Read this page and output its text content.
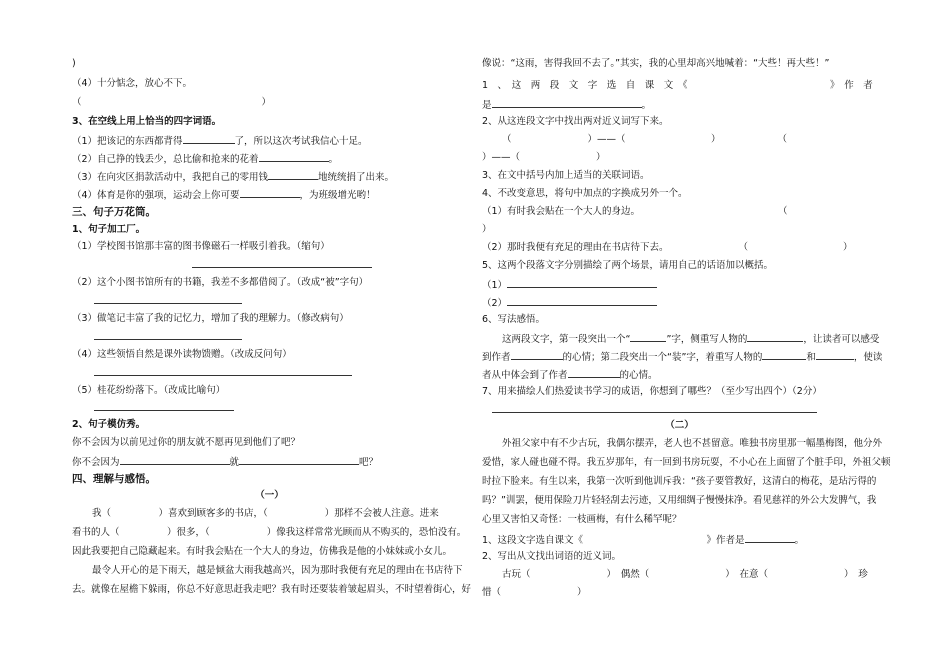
)
（4）十分惦念，放心不下。
（	）
3、在空线上用上恰当的四字词语。
（1）把该记的东西都背得	了，所以这次考试我信心十足。
（2）自己挣的钱丢少，总比偷和抢来的花着	。
（3）在向灾区捐款活动中，我把自己的零用钱	地统统捐了出来。
（4）体育是你的强项，运动会上你可要	，为班级增光哟！
三、句子万花筒。
1、句子加工厂。
（1）学校图书馆那丰富的图书像磁石一样吸引着我。（缩句）
（2）这个小图书馆所有的书籍，我差不多都借阅了。（改成“被”字句）
（3）做笔记丰富了我的记忆力，增加了我的理解力。（修改病句）
（4）这些领悟自然是课外读物馈赠。（改成反问句）
（5）桂花纷纷落下。（改成比喻句）
2、句子模仿秀。
你不会因为以前见过你的朋友就不愿再见到他们了吧？
你不会因为	就	吧？
四、理解与感悟。
（一）
我（　　　　　）喜欢到顾客多的书店，（　　　　　　）那样不会被人注意。进来
看书的人（　　　　　）很多，（　　　　　　）像我这样常常光顾而从不购买的，恐怕没有。
因此我要把自己隐藏起来。有时我会贴在一个大人的身边，仿佛我是他的小妹妹或小女儿。
最令人开心的是下雨天，越是倾盆大雨我越高兴，因为那时我便有充足的理由在书店待下
去。就像在屋檐下躲雨，你总不好意思赶我走吧？我有时还要装着皱起眉头，不时望着街心，好
像说：“这雨，害得我回不去了。”其实，我的心里却高兴地喊着：“大些！再大些！”
1　、　这　两　段　文　字　选　自　课　文　《　　　　　　　　　　　　　　　》　作　者
是	。
2、从这连段文字中找出两对近义词写下来。
（　　　　　　　　）——（　　　　　　　　　）　　　　　　　（
）——（　　　　　　　　）
3、在文中括号内加上适当的关联词语。
4、不改变意思，将句中加点的字换成另外一个。
（1）有时我会贴在一个大人的身边。	（
）
（2）那时我便有充足的理由在书店待下去。	（　　　　　　　　　　）
5、这两个段落文字分别描绘了两个场景，请用自己的话语加以概括。
（1）
（2）
6、写法感悟。
这两段文字，第一段突出一个“	”字，侧重写人物的	，让读者可以感受
到作者	的心情；第二段突出一个“装”字，着重写人物的	和	，使读
者从中体会到了作者	的心情。
7、用来描绘人们热爱读书学习的成语，你想到了哪些？（至少写出四个）（2分）
（二）
外祖父家中有不少古玩，我偶尔摆弄，老人也不甚留意。唯独书房里那一幅墨梅图，他分外
爱惜，家人碰也碰不得。我五岁那年，有一回到书房玩耍，不小心在上面留了个脏手印，外祖父顿
时拉下脸来。有生以来，我第一次听到他训斥我：“孩子要管教好，这清白的梅花，是玷污得的
吗？”训罢，便用保险刀片轻轻刮去污迹，又用细绸子慢慢抹净。看见慈祥的外公大发脾气，我
心里又害怕又奇怪：一枝画梅，有什么稀罕呢？
1、这段文字选自课文《　　　　　　　　　　　　　》作者是	。
2、写出从文找出词语的近义词。
古玩（　　　　　　　　）　偶然（　　　　　　　　）　在意（　　　　　　　　）　珍
惜（　　　　　　　　）
